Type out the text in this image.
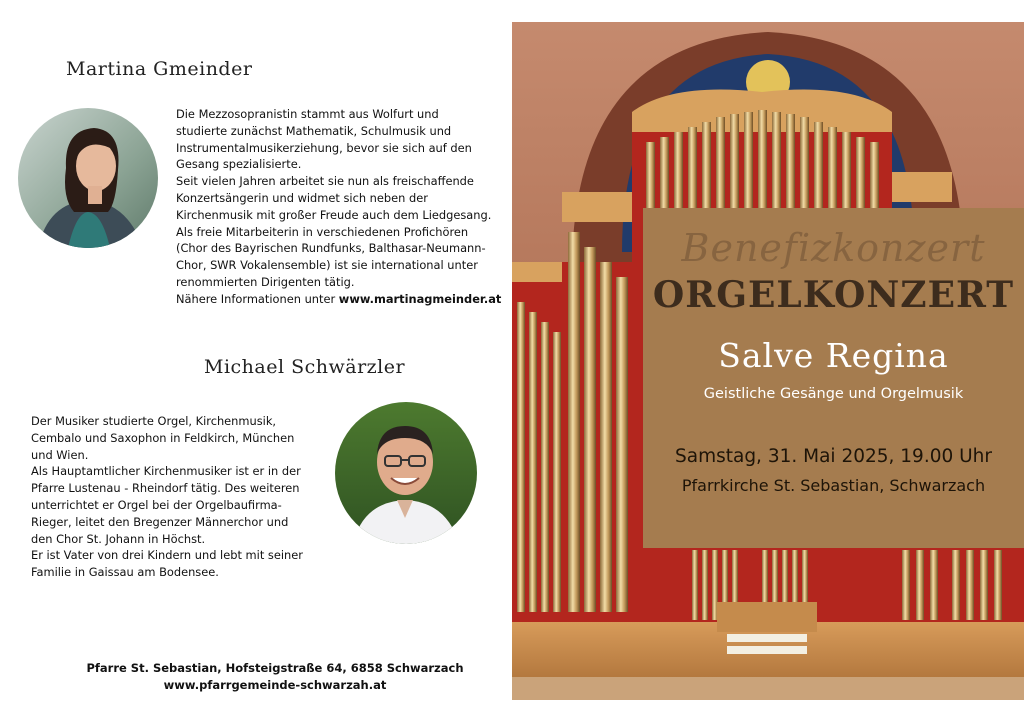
Martina Gmeinder

Die Mezzosopranistin stammt aus Wolfurt und

studierte zunächst Mathematik, Schulmusik und

Instrumentalmusikerziehung, bevor sie sich auf den

Gesang spezialisierte.

Seit vielen Jahren arbeitet sie nun als freischaffende

Konzertsängerin und widmet sich neben der

Kirchenmusik mit großer Freude auch dem Liedgesang.

Als freie Mitarbeiterin in verschiedenen Profichören

(Chor des Bayrischen Rundfunks, Balthasar-Neumann-

Chor, SWR Vokalensemble) ist sie international unter

renommierten Dirigenten tätig.

Nähere Informationen unter www.martinagmeinder.at

Michael Schwärzler

Der Musiker studierte Orgel, Kirchenmusik,

Cembalo und Saxophon in Feldkirch, München

und Wien.

Als Hauptamtlicher Kirchenmusiker ist er in der

Pfarre Lustenau - Rheindorf tätig. Des weiteren

unterrichtet er Orgel bei der Orgelbaufirma-

Rieger, leitet den Bregenzer Männerchor und

den Chor St. Johann in Höchst.

Er ist Vater von drei Kindern und lebt mit seiner

Familie in Gaissau am Bodensee.

Pfarre St. Sebastian, Hofsteigstraße 64, 6858 Schwarzach
www.pfarrgemeinde-schwarzah.at
Benefizkonzert
ORGELKONZERT
Salve Regina
Geistliche Gesänge und Orgelmusik
Samstag, 31. Mai 2025, 19.00 Uhr
Pfarrkirche St. Sebastian, Schwarzach
